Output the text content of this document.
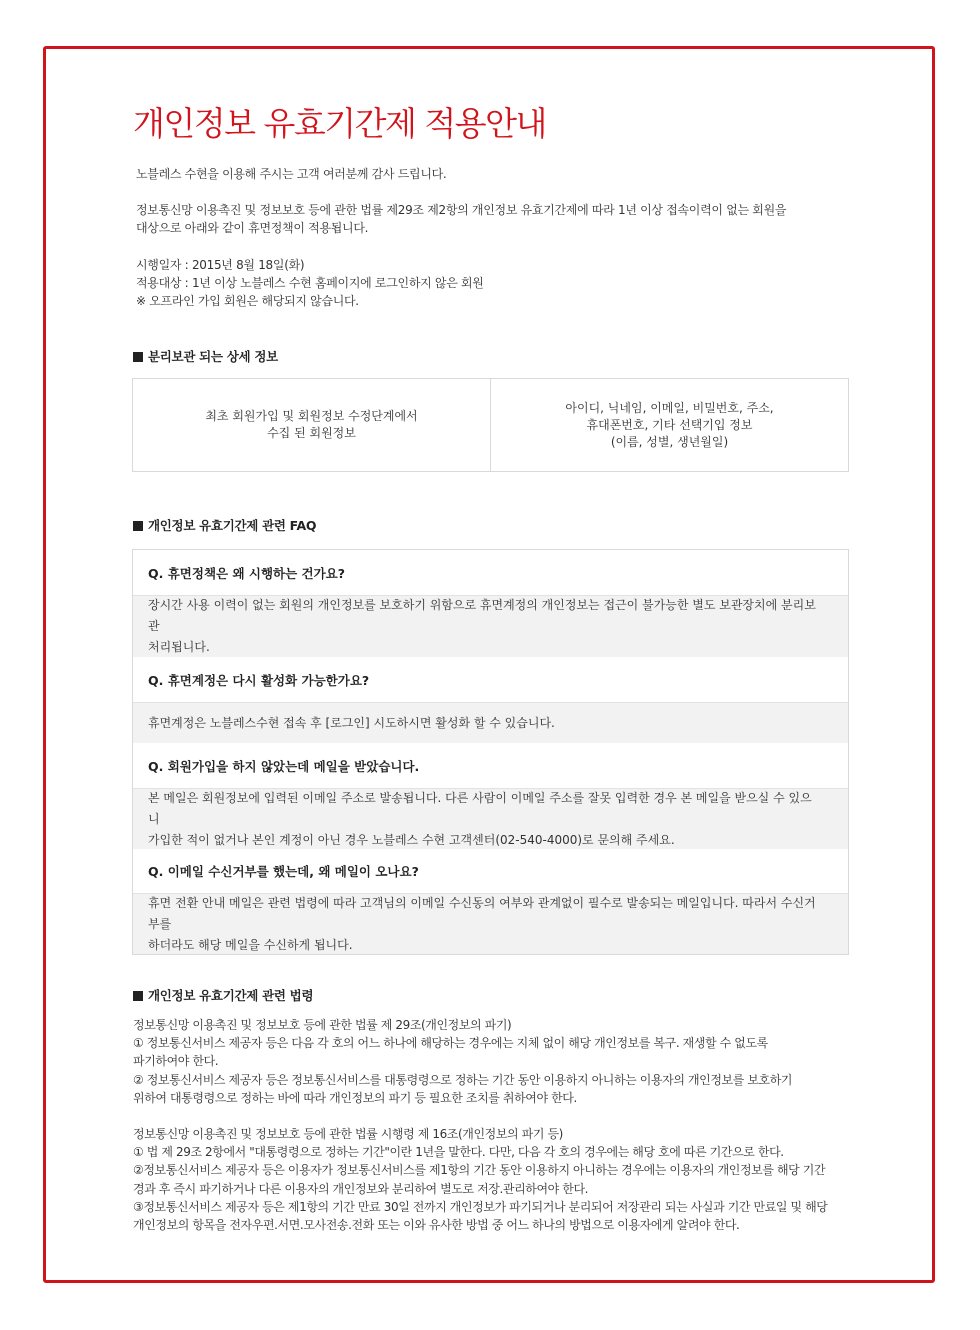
개인정보 유효기간제 적용안내

노블레스 수현을 이용해 주시는 고객 여러분께 감사 드립니다.

정보통신망 이용촉진 및 정보보호 등에 관한 법률 제29조 제2항의 개인정보 유효기간제에 따라 1년 이상 접속이력이 없는 회원을

대상으로 아래와 같이 휴면정책이 적용됩니다.

시행일자 : 2015년 8월 18일(화)

적용대상 : 1년 이상 노블레스 수현 홈페이지에 로그인하지 않은 회원

※ 오프라인 가입 회원은 해당되지 않습니다.

분리보관 되는 상세 정보
최초 회원가입 및 회원정보 수정단계에서
수집 된 회원정보
아이디, 닉네임, 이메일, 비밀번호, 주소,
휴대폰번호, 기타 선택기입 정보
(이름, 성별, 생년월일)
개인정보 유효기간제 관련 FAQ
Q. 휴면정책은 왜 시행하는 건가요?
장시간 사용 이력이 없는 회원의 개인정보를 보호하기 위함으로 휴면계정의 개인정보는 접근이 불가능한 별도 보관장치에 분리보관
처리됩니다.
Q. 휴면계정은 다시 활성화 가능한가요?
휴면계정은 노블레스수현 접속 후 [로그인] 시도하시면 활성화 할 수 있습니다.
Q. 회원가입을 하지 않았는데 메일을 받았습니다.
본 메일은 회원정보에 입력된 이메일 주소로 발송됩니다. 다른 사람이 이메일 주소를 잘못 입력한 경우 본 메일을 받으실 수 있으니
가입한 적이 없거나 본인 계정이 아닌 경우 노블레스 수현 고객센터(02-540-4000)로 문의해 주세요.
Q. 이메일 수신거부를 했는데, 왜 메일이 오나요?
휴면 전환 안내 메일은 관련 법령에 따라 고객님의 이메일 수신동의 여부와 관계없이 필수로 발송되는 메일입니다. 따라서 수신거부를
하더라도 해당 메일을 수신하게 됩니다.
개인정보 유효기간제 관련 법령

정보통신망 이용촉진 및 정보보호 등에 관한 법률 제 29조(개인정보의 파기)

① 정보통신서비스 제공자 등은 다음 각 호의 어느 하나에 해당하는 경우에는 지체 없이 해당 개인정보를 복구. 재생할 수 없도록

파기하여야 한다.

② 정보통신서비스 제공자 등은 정보통신서비스를 대통령령으로 정하는 기간 동안 이용하지 아니하는 이용자의 개인정보를 보호하기

위하여 대통령령으로 정하는 바에 따라 개인정보의 파기 등 필요한 조치를 취하여야 한다.

정보통신망 이용촉진 및 정보보호 등에 관한 법률 시행령 제 16조(개인정보의 파기 등)

① 법 제 29조 2항에서 "대통령령으로 정하는 기간"이란 1년을 말한다. 다만, 다음 각 호의 경우에는 해당 호에 따른 기간으로 한다.

②정보통신서비스 제공자 등은 이용자가 정보통신서비스를 제1항의 기간 동안 이용하지 아니하는 경우에는 이용자의 개인정보를 해당 기간

경과 후 즉시 파기하거나 다른 이용자의 개인정보와 분리하여 별도로 저장.관리하여야 한다.

③정보통신서비스 제공자 등은 제1항의 기간 만료 30일 전까지 개인정보가 파기되거나 분리되어 저장관리 되는 사실과 기간 만료일 및 해당

개인정보의 항목을 전자우편.서면.모사전송.전화 또는 이와 유사한 방법 중 어느 하나의 방법으로 이용자에게 알려야 한다.
